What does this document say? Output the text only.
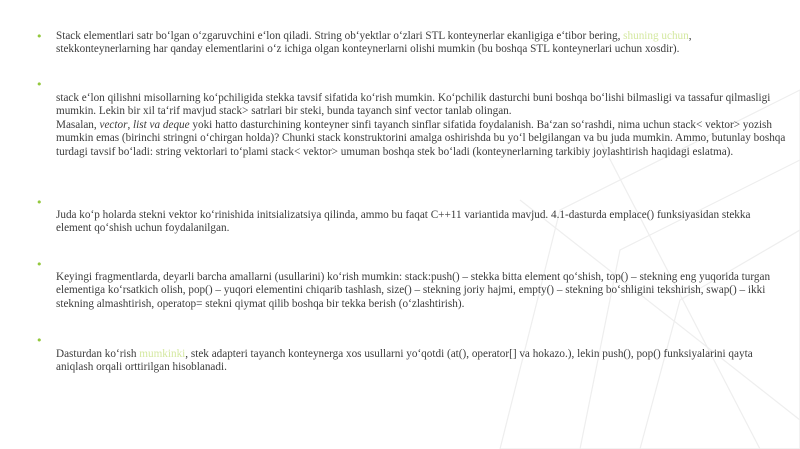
• Stack elementlari satr bo‘lgan o‘zgaruvchini e‘lon qiladi. String ob‘yektlar o‘zlari STL konteynerlar ekanligiga e‘tibor bering, shuning uchun, stekkonteynerlarning har qanday elementlarini o‘z ichiga olgan konteynerlarni olishi mumkin (bu boshqa STL konteynerlari uchun xosdir).

•

stack e‘lon qilishni misollarning ko‘pchiligida stekka tavsif sifatida ko‘rish mumkin. Ko‘pchilik dasturchi buni boshqa bo‘lishi bilmasligi va tassafur qilmasligi mumkin. Lekin bir xil ta‘rif mavjud stack> satrlari bir steki, bunda tayanch sinf vector tanlab olingan.
Masalan, vector, list va deque yoki hatto dasturchining konteyner sinfi tayanch sinflar sifatida foydalanish. Ba‘zan so‘rashdi, nima uchun stack< vektor> yozish mumkin emas (birinchi stringni o‘chirgan holda)? Chunki stack konstruktorini amalga oshirishda bu yo‘l belgilangan va bu juda mumkin. Ammo, butunlay boshqa turdagi tavsif bo‘ladi: string vektorlari to‘plami stack< vektor> umuman boshqa stek bo‘ladi (konteynerlarning tarkibiy joylashtirish haqidagi eslatma).

•

Juda ko‘p holarda stekni vektor ko‘rinishida initsializatsiya qilinda, ammo bu faqat C++11 variantida mavjud. 4.1-dasturda emplace() funksiyasidan stekka element qo‘shish uchun foydalanilgan.

•

Keyingi fragmentlarda, deyarli barcha amallarni (usullarini) ko‘rish mumkin: stack:push() – stekka bitta element qo‘shish, top() – stekning eng yuqorida turgan elementiga ko‘rsatkich olish, pop() – yuqori elementini chiqarib tashlash, size() – stekning joriy hajmi, empty() – stekning bo‘shligini tekshirish, swap() – ikki stekning almashtirish, operatop= stekni qiymat qilib boshqa bir tekka berish (o‘zlashtirish).

•

Dasturdan ko‘rish mumkinki, stek adapteri tayanch konteynerga xos usullarni yo‘qotdi (at(), operator[] va hokazo.), lekin push(), pop() funksiyalarini qayta aniqlash orqali orttirilgan hisoblanadi.
